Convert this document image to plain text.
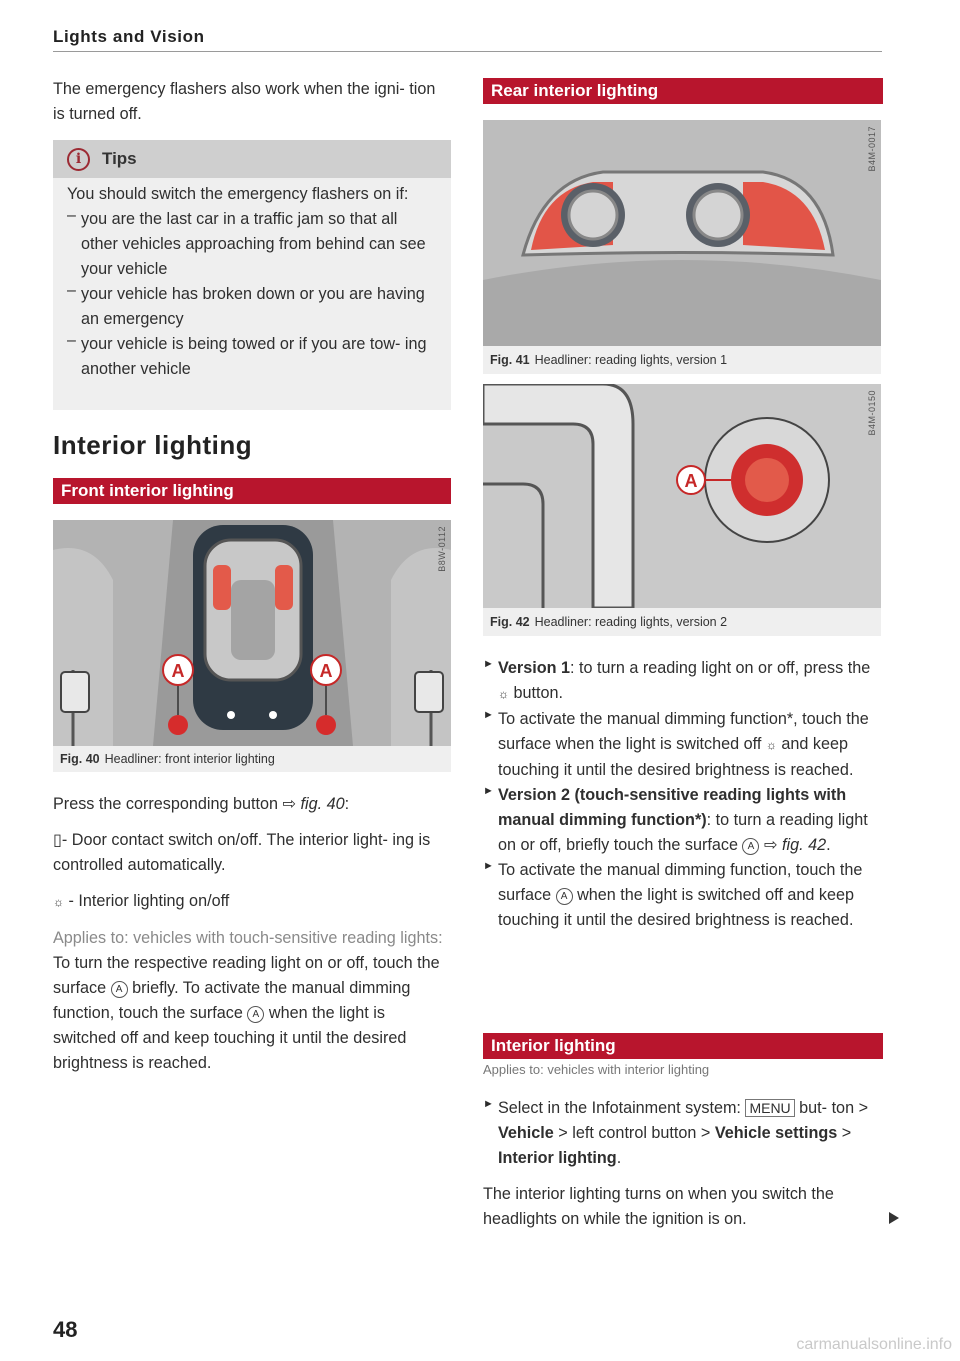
Lights and Vision

The emergency flashers also work when the igni- tion is turned off.

i	Tips

You should switch the emergency flashers on if:

– you are the last car in a traffic jam so that all other vehicles approaching from behind can see your vehicle

– your vehicle has broken down or you are having an emergency

– your vehicle is being towed or if you are tow- ing another vehicle

Interior lighting
Front interior lighting
A	A
B8W-0112
Fig. 40 Headliner: front interior lighting

Press the corresponding button ⇨ fig. 40:

▯- Door contact switch on/off. The interior light- ing is controlled automatically.

☼ - Interior lighting on/off

Applies to: vehicles with touch-sensitive reading lights: To turn the respective reading light on or off, touch the surface A briefly. To activate the manual dimming function, touch the surface A when the light is switched off and keep touching it until the desired brightness is reached.

Rear interior lighting
B4M-0017
Fig. 41 Headliner: reading lights, version 1
A
B4M-0150
Fig. 42 Headliner: reading lights, version 2
► Version 1: to turn a reading light on or off, press the ☼ button.

► To activate the manual dimming function*, touch the surface when the light is switched off ☼ and keep touching it until the desired brightness is reached.

► Version 2 (touch-sensitive reading lights with manual dimming function*): to turn a reading light on or off, briefly touch the surface A ⇨ fig. 42.

► To activate the manual dimming function, touch the surface A when the light is switched off and keep touching it until the desired brightness is reached.

Interior lighting
Applies to: vehicles with interior lighting
► Select in the Infotainment system: MENU but- ton > Vehicle > left control button > Vehicle settings > Interior lighting.

The interior lighting turns on when you switch the headlights on while the ignition is on.

48
carmanualsonline.info
